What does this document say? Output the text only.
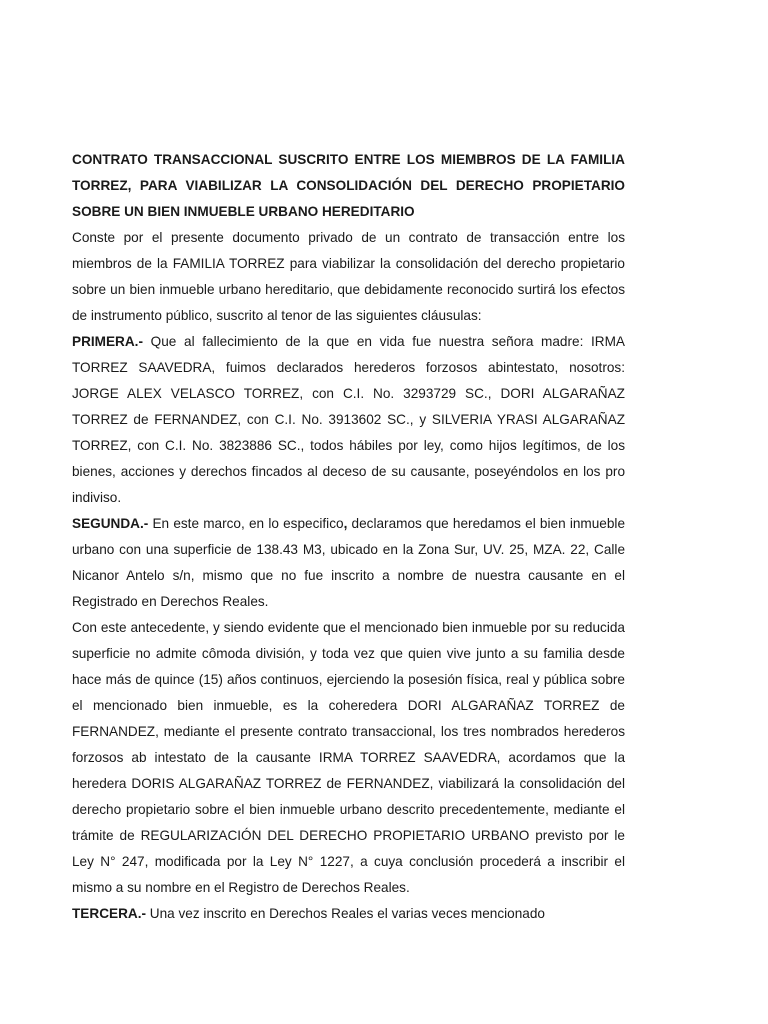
CONTRATO TRANSACCIONAL SUSCRITO ENTRE LOS MIEMBROS DE LA FAMILIA TORREZ, PARA VIABILIZAR LA CONSOLIDACIÓN DEL DERECHO PROPIETARIO SOBRE UN BIEN INMUEBLE URBANO HEREDITARIO

Conste por el presente documento privado de un contrato de transacción entre los miembros de la FAMILIA TORREZ para viabilizar la consolidación del derecho propietario sobre un bien inmueble urbano hereditario, que debidamente reconocido surtirá los efectos de instrumento público, suscrito al tenor de las siguientes cláusulas:

PRIMERA.- Que al fallecimiento de la que en vida fue nuestra señora madre: IRMA TORREZ SAAVEDRA, fuimos declarados herederos forzosos abintestato, nosotros: JORGE ALEX VELASCO TORREZ, con C.I. No. 3293729 SC., DORI ALGARAÑAZ TORREZ de FERNANDEZ, con C.I. No. 3913602 SC., y SILVERIA YRASI ALGARAÑAZ TORREZ, con C.I. No. 3823886 SC., todos hábiles por ley, como hijos legítimos, de los bienes, acciones y derechos fincados al deceso de su causante, poseyéndolos en los pro indiviso.

SEGUNDA.- En este marco, en lo especifico, declaramos que heredamos el bien inmueble urbano con una superficie de 138.43 M3, ubicado en la Zona Sur, UV. 25, MZA. 22, Calle Nicanor Antelo s/n, mismo que no fue inscrito a nombre de nuestra causante en el Registrado en Derechos Reales.

Con este antecedente, y siendo evidente que el mencionado bien inmueble por su reducida superficie no admite cômoda división, y toda vez que quien vive junto a su familia desde hace más de quince (15) años continuos, ejerciendo la posesión física, real y pública sobre el mencionado bien inmueble, es la coheredera DORI ALGARAÑAZ TORREZ de FERNANDEZ, mediante el presente contrato transaccional, los tres nombrados herederos forzosos ab intestato de la causante IRMA TORREZ SAAVEDRA, acordamos que la heredera DORIS ALGARAÑAZ TORREZ de FERNANDEZ, viabilizará la consolidación del derecho propietario sobre el bien inmueble urbano descrito precedentemente, mediante el trámite de REGULARIZACIÓN DEL DERECHO PROPIETARIO URBANO previsto por le Ley N° 247, modificada por la Ley N° 1227, a cuya conclusión procederá a inscribir el mismo a su nombre en el Registro de Derechos Reales.

TERCERA.- Una vez inscrito en Derechos Reales el varias veces mencionado
